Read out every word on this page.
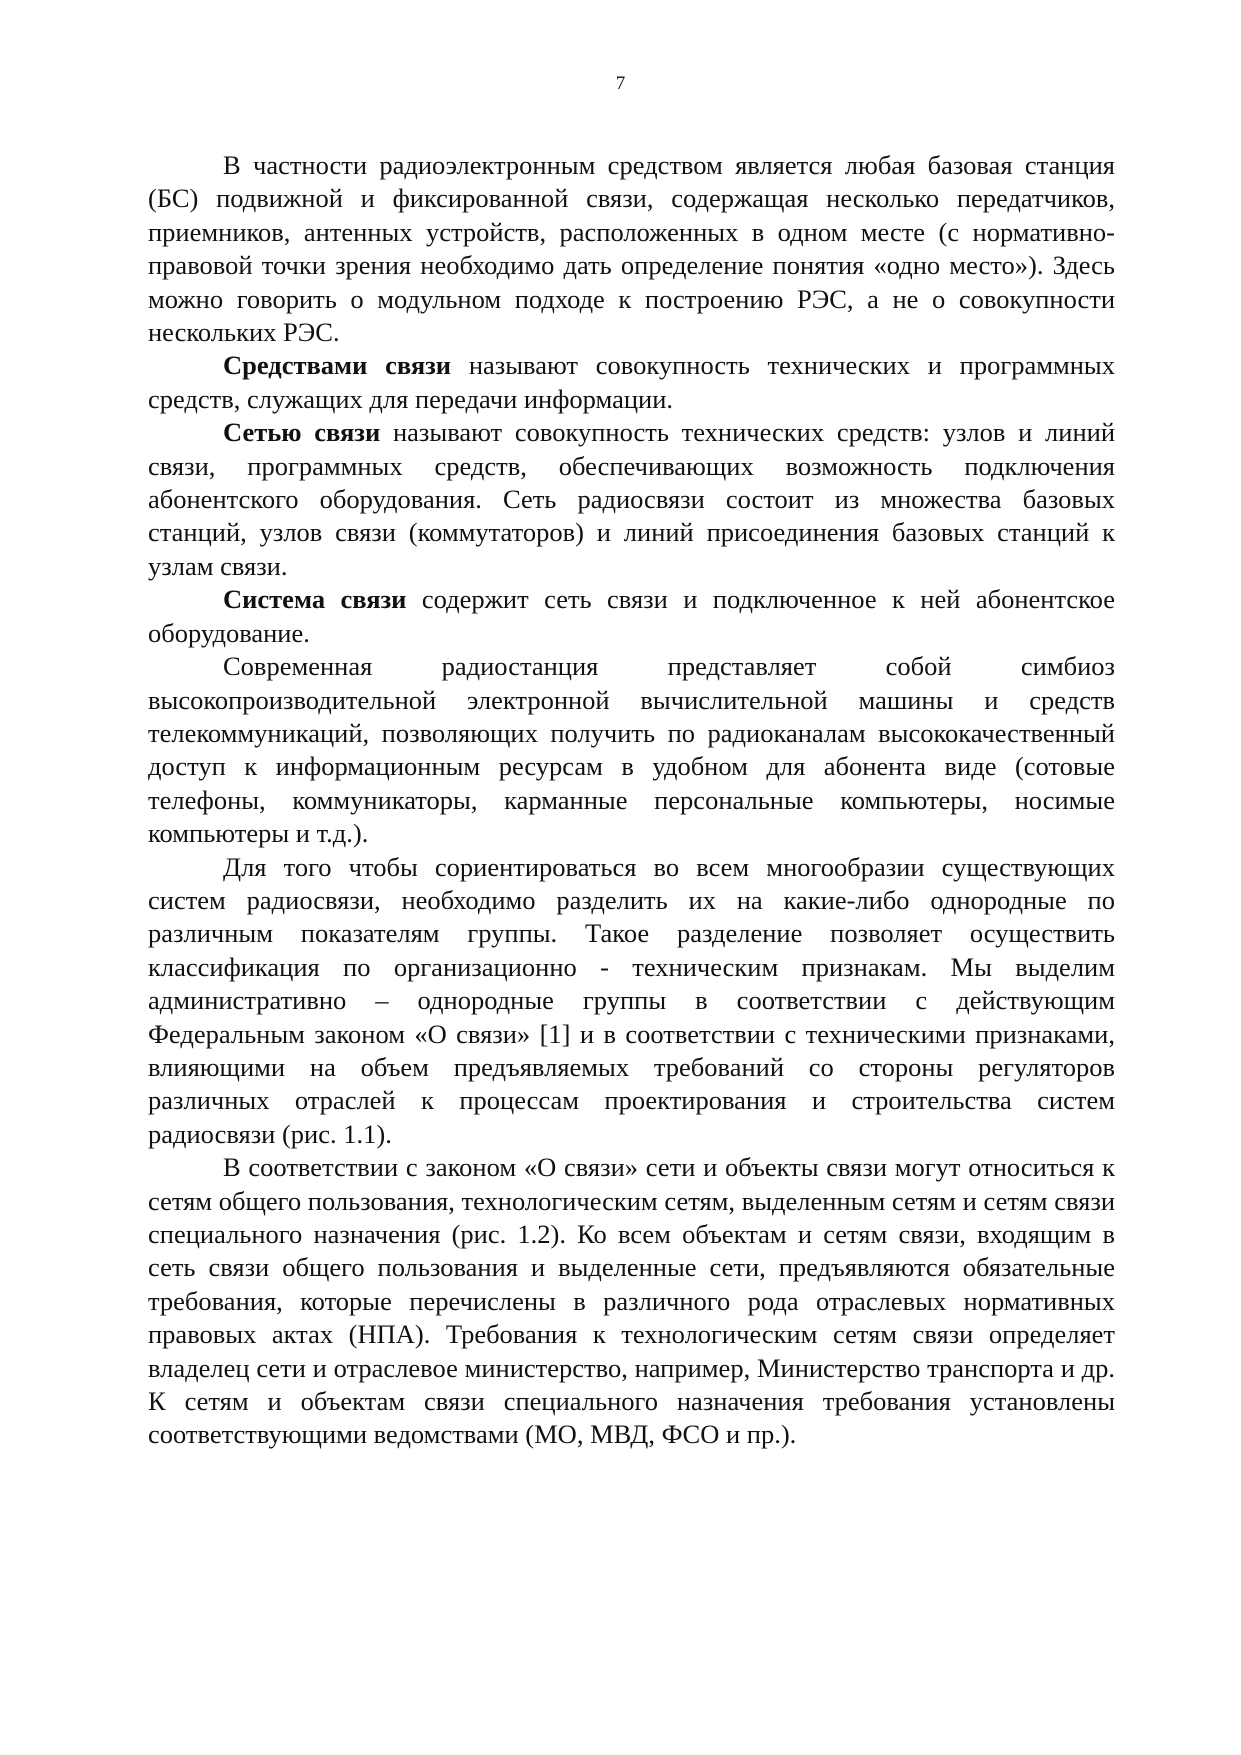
7

В частности радиоэлектронным средством является любая базовая станция (БС) подвижной и фиксированной связи, содержащая несколько передатчиков, приемников, антенных устройств, расположенных в одном месте (с нормативно-правовой точки зрения необходимо дать определение понятия «одно место»). Здесь можно говорить о модульном подходе к построению РЭС, а не о совокупности нескольких РЭС.

Средствами связи называют совокупность технических и программных средств, служащих для передачи информации.

Сетью связи называют совокупность технических средств: узлов и линий связи, программных средств, обеспечивающих возможность подключения абонентского оборудования. Сеть радиосвязи состоит из множества базовых станций, узлов связи (коммутаторов) и линий присоединения базовых станций к узлам связи.

Система связи содержит сеть связи и подключенное к ней абонентское оборудование.

Современная радиостанция представляет собой симбиоз высокопроизводительной электронной вычислительной машины и средств телекоммуникаций, позволяющих получить по радиоканалам высококачественный доступ к информационным ресурсам в удобном для абонента виде (сотовые телефоны, коммуникаторы, карманные персональные компьютеры, носимые компьютеры и т.д.).

Для того чтобы сориентироваться во всем многообразии существующих систем радиосвязи, необходимо разделить их на какие-либо однородные по различным показателям группы. Такое разделение позволяет осуществить классификация по организационно - техническим признакам. Мы выделим административно – однородные группы в соответствии с действующим Федеральным законом «О связи» [1] и в соответствии с техническими признаками, влияющими на объем предъявляемых требований со стороны регуляторов различных отраслей к процессам проектирования и строительства систем радиосвязи (рис. 1.1).

В соответствии с законом «О связи» сети и объекты связи могут относиться к сетям общего пользования, технологическим сетям, выделенным сетям и сетям связи специального назначения (рис. 1.2). Ко всем объектам и сетям связи, входящим в сеть связи общего пользования и выделенные сети, предъявляются обязательные требования, которые перечислены в различного рода отраслевых нормативных правовых актах (НПА). Требования к технологическим сетям связи определяет владелец сети и отраслевое министерство, например, Министерство транспорта и др. К сетям и объектам связи специального назначения требования установлены соответствующими ведомствами (МО, МВД, ФСО и пр.).
